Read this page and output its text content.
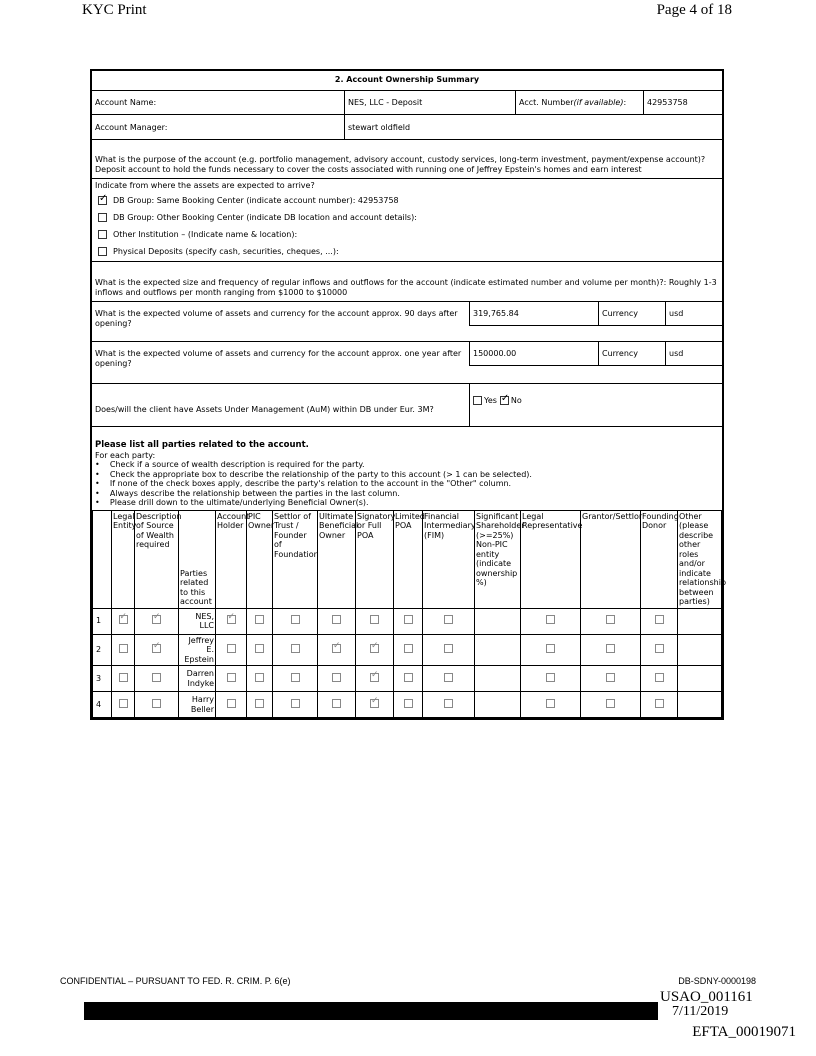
KYC Print	Page 4 of 18
2. Account Ownership Summary
Account Name:	NES, LLC - Deposit	Acct. Number (if available) :	42953758
Account Manager:	stewart oldfield
What is the purpose of the account (e.g. portfolio management, advisory account, custody services, long-term investment, payment/expense account)? Deposit account to hold the funds necessary to cover the costs associated with running one of Jeffrey Epstein's homes and earn interest
Indicate from where the assets are expected to arrive?
✓
DB Group: Same Booking Center (indicate account number): 42953758
DB Group: Other Booking Center (indicate DB location and account details):
Other Institution – (Indicate name & location):
Physical Deposits (specify cash, securities, cheques, ...):
What is the expected size and frequency of regular inflows and outflows for the account (indicate estimated number and volume per month)?: Roughly 1-3 inflows and outflows per month ranging from $1000 to $10000
What is the expected volume of assets and currency for the account approx. 90 days after opening?
319,765.84	Currency	usd
What is the expected volume of assets and currency for the account approx. one year after opening?
150000.00	Currency	usd
Does/will the client have Assets Under Management (AuM) within DB under Eur. 3M?
Yes ✓ No
Please list all parties related to the account.
For each party:
•    Check if a source of wealth description is required for the party.
•    Check the appropriate box to describe the relationship of the party to this account (> 1 can be selected).
•    If none of the check boxes apply, describe the party's relation to the account in the "Other" column.
•    Always describe the relationship between the parties in the last column.
•    Please drill down to the ultimate/underlying Beneficial Owner(s).
	Legal Entity	Description of Source of Wealth required	Parties related to this account	Account Holder	PIC Owner	Settlor of Trust / Founder of Foundation	Ultimate Beneficial Owner	Signatory or Full POA	Limited POA	Financial Intermediary (FIM)	Significant Shareholder (>=25%) Non-PIC entity (indicate ownership %)	Legal Representative	Grantor/Settlor	Founding Donor	Other (please describe other roles and/or indicate relationship between parties)
1	✓	✓	NES, LLC	✓											
2		✓	Jeffrey E. Epstein				✓	✓							
3			Darren Indyke					✓							
4			Harry Beller					✓							
CONFIDENTIAL – PURSUANT TO FED. R. CRIM. P. 6(e)	DB-SDNY-0000198
USAO_001161
7/11/2019
EFTA_00019071
